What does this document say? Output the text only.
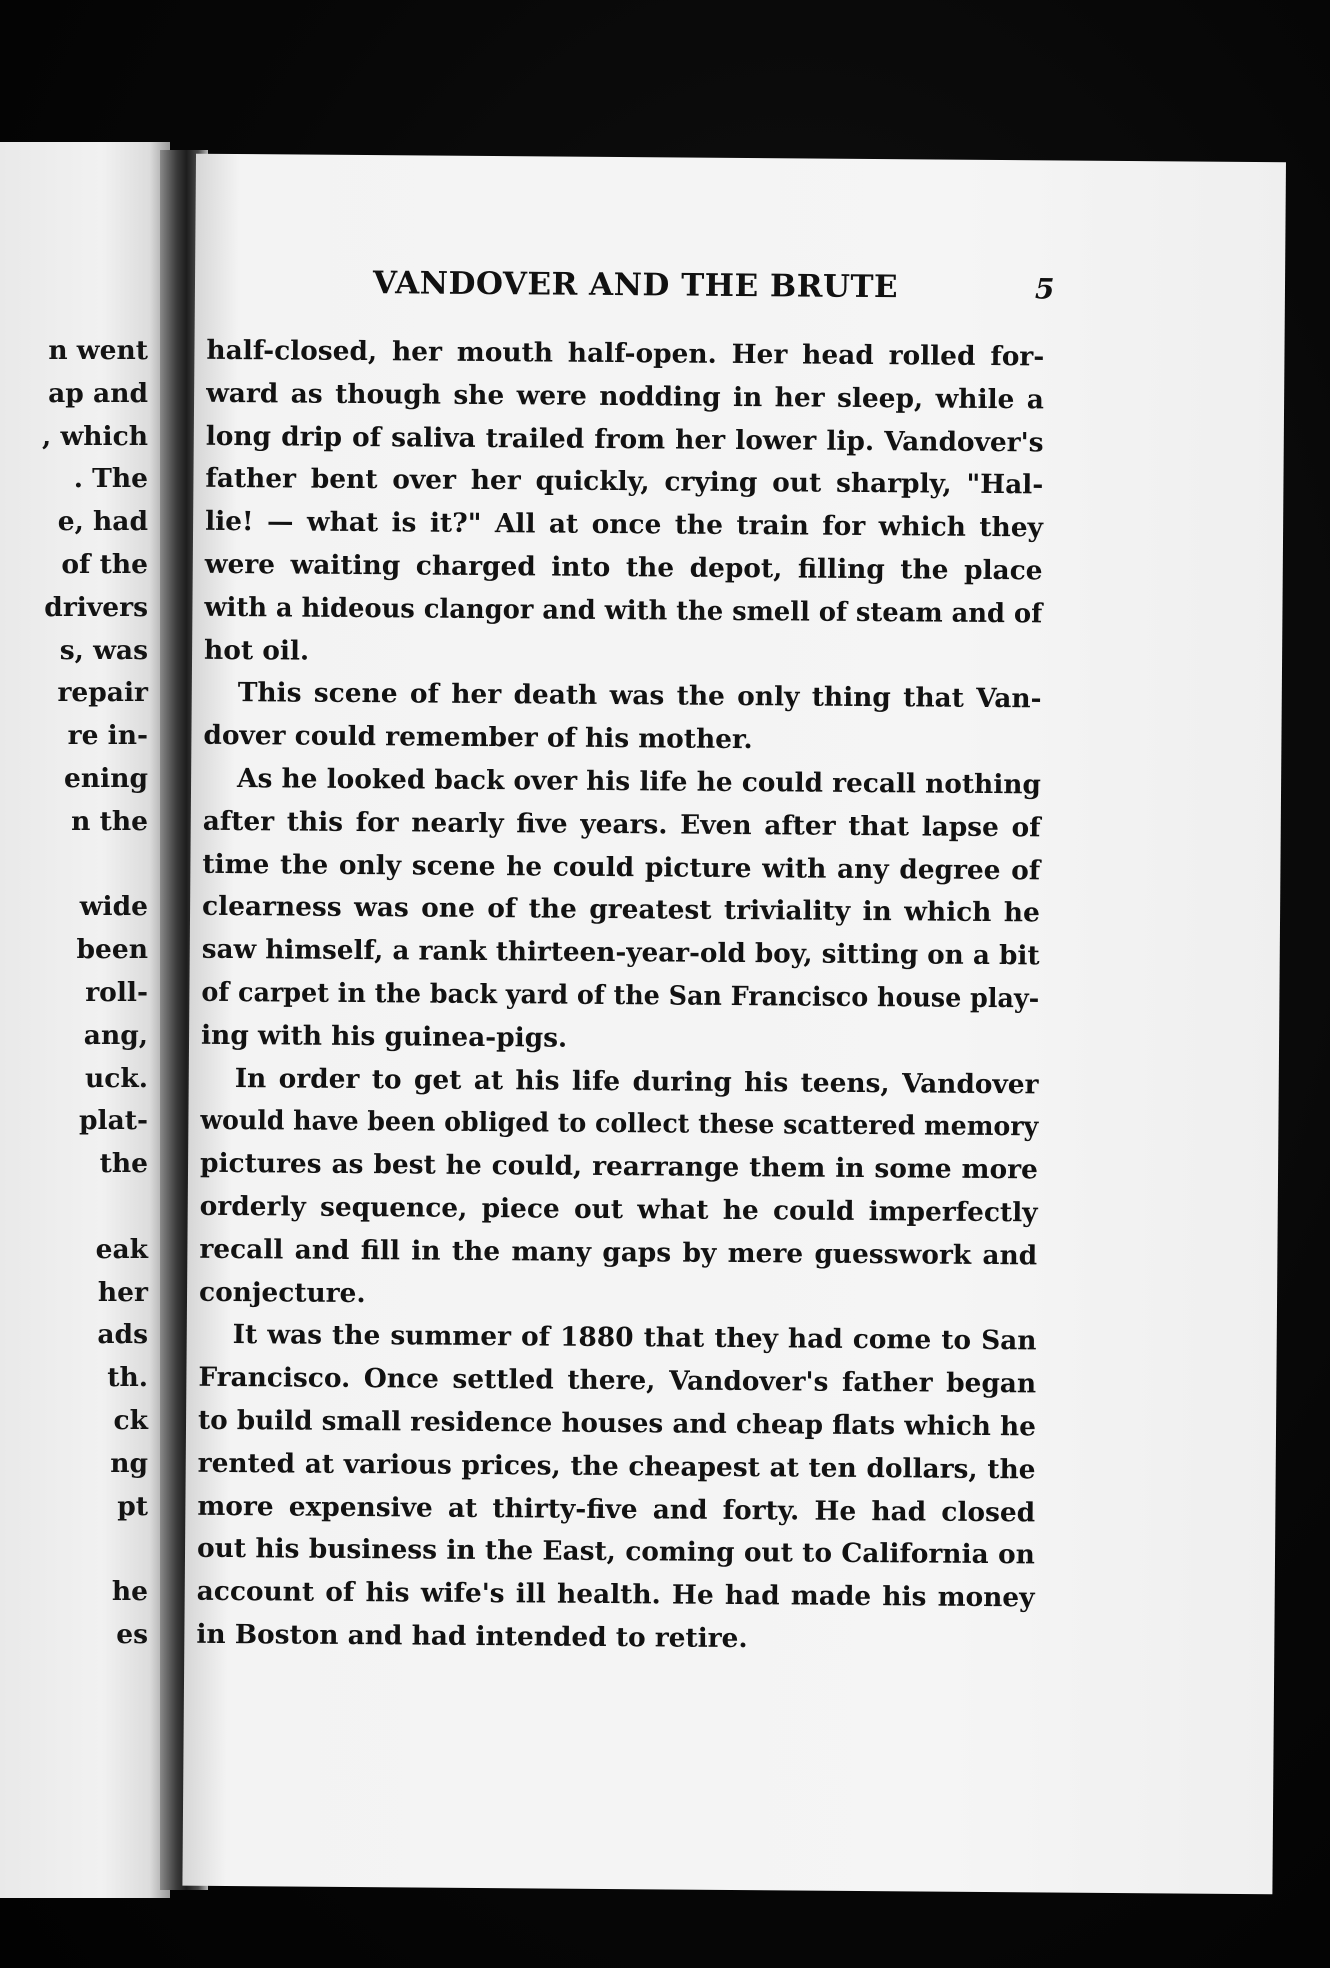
n went
ap and
, which
. The
e, had
of the
drivers
s, was
repair
re in-
ening
n the
wide
been
roll-
ang,
uck.
plat-
the
eak
her
ads
th.
ck
ng
pt
he
es
VANDOVER AND THE BRUTE	5
half-closed, her mouth half-open. Her head rolled for-
ward as though she were nodding in her sleep, while a
long drip of saliva trailed from her lower lip. Vandover's
father bent over her quickly, crying out sharply, "Hal-
lie! — what is it?" All at once the train for which they
were waiting charged into the depot, filling the place
with a hideous clangor and with the smell of steam and of
hot oil.
This scene of her death was the only thing that Van-
dover could remember of his mother.
As he looked back over his life he could recall nothing
after this for nearly five years. Even after that lapse of
time the only scene he could picture with any degree of
clearness was one of the greatest triviality in which he
saw himself, a rank thirteen-year-old boy, sitting on a bit
of carpet in the back yard of the San Francisco house play-
ing with his guinea-pigs.
In order to get at his life during his teens, Vandover
would have been obliged to collect these scattered memory
pictures as best he could, rearrange them in some more
orderly sequence, piece out what he could imperfectly
recall and fill in the many gaps by mere guesswork and
conjecture.
It was the summer of 1880 that they had come to San
Francisco. Once settled there, Vandover's father began
to build small residence houses and cheap flats which he
rented at various prices, the cheapest at ten dollars, the
more expensive at thirty-five and forty. He had closed
out his business in the East, coming out to California on
account of his wife's ill health. He had made his money
in Boston and had intended to retire.
